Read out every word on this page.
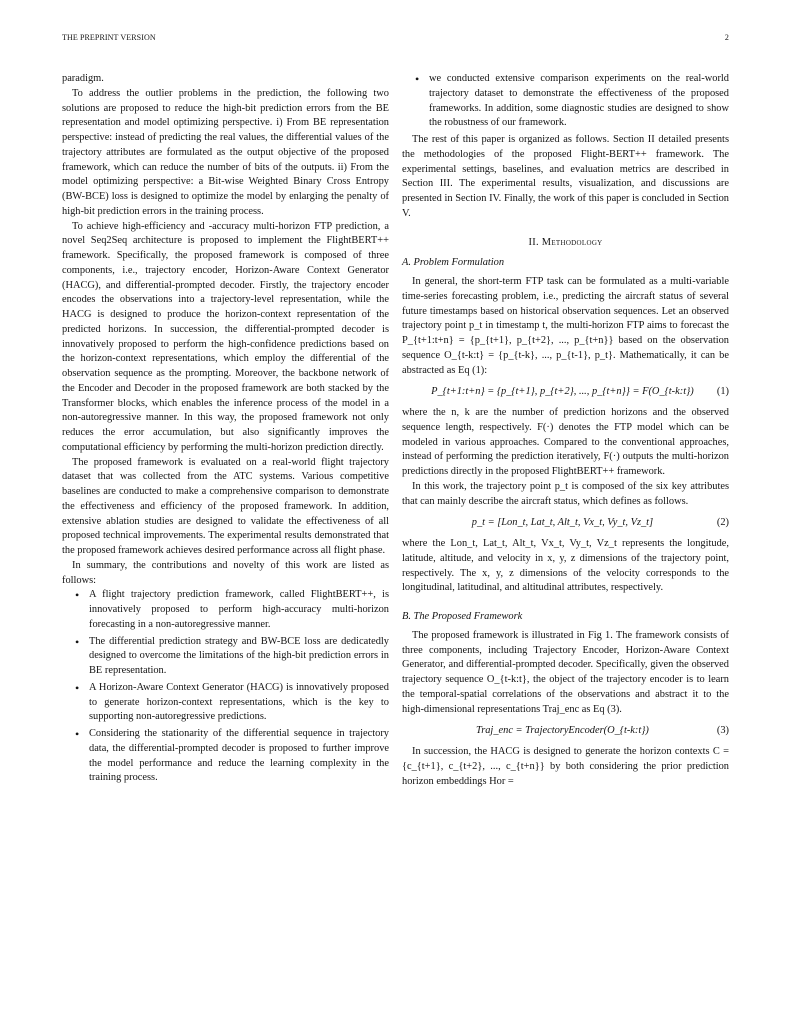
THE PREPRINT VERSION	2

paradigm.

To address the outlier problems in the prediction, the following two solutions are proposed to reduce the high-bit prediction errors from the BE representation and model optimizing perspective. i) From BE representation perspective: instead of predicting the real values, the differential values of the trajectory attributes are formulated as the output objective of the proposed framework, which can reduce the number of bits of the outputs. ii) From the model optimizing perspective: a Bit-wise Weighted Binary Cross Entropy (BW-BCE) loss is designed to optimize the model by enlarging the penalty of high-bit prediction errors in the training process.

To achieve high-efficiency and -accuracy multi-horizon FTP prediction, a novel Seq2Seq architecture is proposed to implement the FlightBERT++ framework. Specifically, the proposed framework is composed of three components, i.e., trajectory encoder, Horizon-Aware Context Generator (HACG), and differential-prompted decoder. Firstly, the trajectory encoder encodes the observations into a trajectory-level representation, while the HACG is designed to produce the horizon-context representation of the predicted horizons. In succession, the differential-prompted decoder is innovatively proposed to perform the high-confidence predictions based on the horizon-context representations, which employ the differential of the observation sequence as the prompting. Moreover, the backbone network of the Encoder and Decoder in the proposed framework are both stacked by the Transformer blocks, which enables the inference process of the model in a non-autoregressive manner. In this way, the proposed framework not only reduces the error accumulation, but also significantly improves the computational efficiency by performing the multi-horizon prediction directly.

The proposed framework is evaluated on a real-world flight trajectory dataset that was collected from the ATC systems. Various competitive baselines are conducted to make a comprehensive comparison to demonstrate the effectiveness and efficiency of the proposed framework. In addition, extensive ablation studies are designed to validate the effectiveness of all proposed technical improvements. The experimental results demonstrated that the proposed framework achieves desired performance across all flight phase.

In summary, the contributions and novelty of this work are listed as follows:

• A flight trajectory prediction framework, called FlightBERT++, is innovatively proposed to perform high-accuracy multi-horizon forecasting in a non-autoregressive manner.
• The differential prediction strategy and BW-BCE loss are dedicatedly designed to overcome the limitations of the high-bit prediction errors in BE representation.
• A Horizon-Aware Context Generator (HACG) is innovatively proposed to generate horizon-context representations, which is the key to supporting non-autoregressive predictions.
• Considering the stationarity of the differential sequence in trajectory data, the differential-prompted decoder is proposed to further improve the model performance and reduce the learning complexity in the training process.
• we conducted extensive comparison experiments on the real-world trajectory dataset to demonstrate the effectiveness of the proposed frameworks. In addition, some diagnostic studies are designed to show the robustness of our framework.

The rest of this paper is organized as follows. Section II detailed presents the methodologies of the proposed Flight-BERT++ framework. The experimental settings, baselines, and evaluation metrics are described in Section III. The experimental results, visualization, and discussions are presented in Section IV. Finally, the work of this paper is concluded in Section V.

II. Methodology
A. Problem Formulation

In general, the short-term FTP task can be formulated as a multi-variable time-series forecasting problem, i.e., predicting the aircraft status of several future timestamps based on historical observation sequences. Let an observed trajectory point p_t in timestamp t, the multi-horizon FTP aims to forecast the P_{t+1:t+n} = {p_{t+1}, p_{t+2}, ..., p_{t+n}} based on the observation sequence O_{t-k:t} = {p_{t-k}, ..., p_{t-1}, p_t}. Mathematically, it can be abstracted as Eq (1):

P_{t+1:t+n} = {p_{t+1}, p_{t+2}, ..., p_{t+n}} = F(O_{t-k:t})	(1)

where the n, k are the number of prediction horizons and the observed sequence length, respectively. F(·) denotes the FTP model which can be modeled in various approaches. Compared to the conventional approaches, instead of performing the prediction iteratively, F(·) outputs the multi-horizon predictions directly in the proposed FlightBERT++ framework.

In this work, the trajectory point p_t is composed of the six key attributes that can mainly describe the aircraft status, which defines as follows.

p_t = [Lon_t, Lat_t, Alt_t, Vx_t, Vy_t, Vz_t]	(2)

where the Lon_t, Lat_t, Alt_t, Vx_t, Vy_t, Vz_t represents the longitude, latitude, altitude, and velocity in x, y, z dimensions of the trajectory point, respectively. The x, y, z dimensions of the velocity corresponds to the longitudinal, latitudinal, and altitudinal attributes, respectively.

B. The Proposed Framework

The proposed framework is illustrated in Fig 1. The framework consists of three components, including Trajectory Encoder, Horizon-Aware Context Generator, and differential-prompted decoder. Specifically, given the observed trajectory sequence O_{t-k:t}, the object of the trajectory encoder is to learn the temporal-spatial correlations of the observations and abstract it to the high-dimensional representations Traj_enc as Eq (3).

Traj_enc = TrajectoryEncoder(O_{t-k:t})	(3)

In succession, the HACG is designed to generate the horizon contexts C = {c_{t+1}, c_{t+2}, ..., c_{t+n}} by both considering the prior prediction horizon embeddings Hor =
